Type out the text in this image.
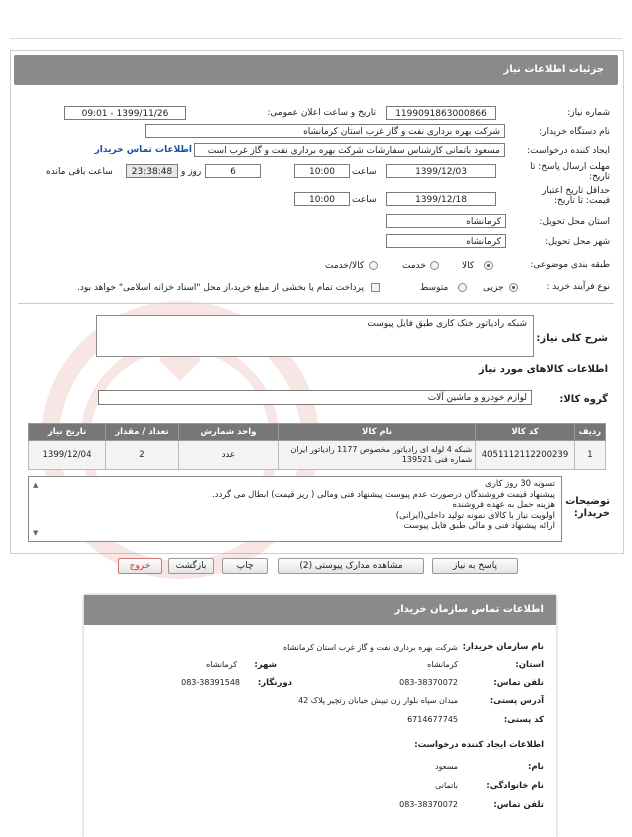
جزئیات اطلاعات نیاز
شماره نیاز:
1199091863000866
تاریخ و ساعت اعلان عمومی:
1399/11/26 - 09:01
نام دستگاه خریدار:
شرکت بهره برداری نفت و گاز غرب استان کرمانشاه
ایجاد کننده درخواست:
مسعود باتمانی کارشناس سفارشات شرکت بهره برداری نفت و گاز غرب است
اطلاعات تماس خریدار
مهلت ارسال پاسخ: تا
تاریخ:
1399/12/03
ساعت
10:00
6
روز و
23:38:48
ساعت باقی مانده
حداقل تاریخ اعتبار
قیمت: تا تاریخ:
1399/12/18
ساعت
10:00
استان محل تحویل:
کرمانشاه
شهر محل تحویل:
کرمانشاه
طبقه بندی موضوعی:
کالا
خدمت
کالا/خدمت
نوع فرآیند خرید :
جزیی
متوسط
پرداخت تمام یا بخشی از مبلغ خرید،از محل "اسناد خزانه اسلامی" خواهد بود.
شرح کلی نیاز:
شبکه رادیاتور خنک کاری طبق فایل پیوست
اطلاعات کالاهای مورد نیاز
گروه کالا:
لوازم خودرو و ماشین آلات
ردیف	کد کالا	نام کالا	واحد شمارش	تعداد / مقدار	تاریخ نیاز
1	4051112112200239	شبکه 4 لوله ای رادیاتور مخصوص 1177 رادیاتور ایران شماره فنی 139521	عدد	2	1399/12/04
توضیحات
خریدار:
تسویه 30 روز کاری
پیشنهاد قیمت فروشندگان درصورت عدم پیوست پیشنهاد فنی ومالی ( ریز قیمت) ابطال می گردد.
هزینه حمل به عهده فروشنده
اولویت نیاز با کالای نمونه تولید داخلی(ایرانی)
ارائه پیشنهاد فنی و مالی طبق فایل پیوست
▲
▼
پاسخ به نیاز
مشاهده مدارک پیوستی (2)
چاپ
بازگشت
خروج
اطلاعات تماس سازمان خریدار
نام سازمان خریدار:
شرکت بهره برداری نفت و گاز غرب استان کرمانشاه
استان:
کرمانشاه
شهر:
کرمانشاه
تلفن تماس:
083-38370072
دورنگار:
083-38391548
آدرس پستی:
میدان سپاه بلوار زن تیپش خیابان رتچیر پلاک 42
کد پستی:
6714677745
اطلاعات ایجاد کننده درخواست:
نام:
مسعود
نام خانوادگی:
باتمانی
تلفن تماس:
083-38370072
